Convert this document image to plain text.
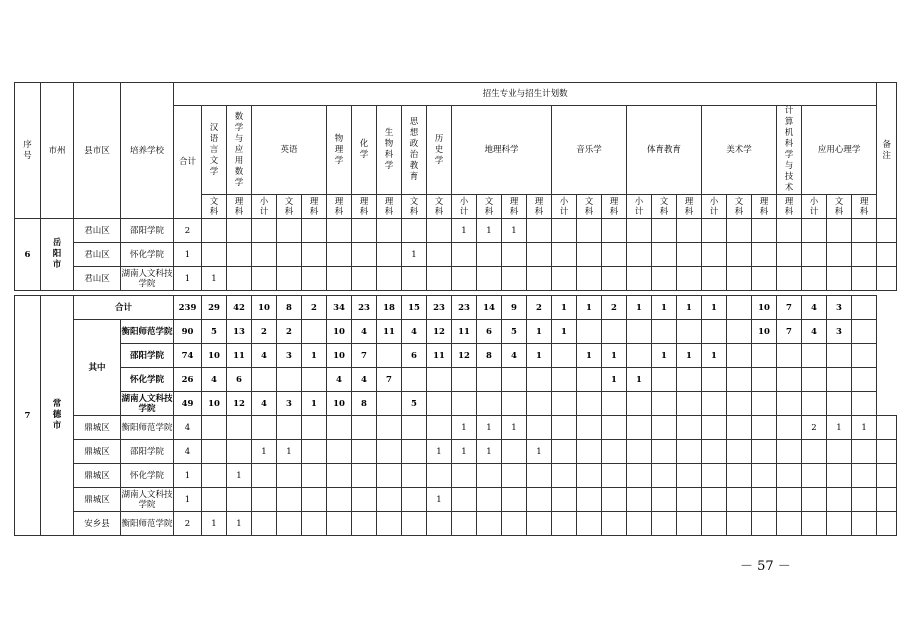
序号	市州	县市区	培养学校	招生专业与招生计划数																												备注
				合计	汉语言文学	数学与应用数学	英语			物理学	化学	生物科学	思想政治教育	历史学	地理科学				音乐学			体育教育			美术学			计算机科学与技术	应用心理学			
					文科	理科	小计	文科	理科	理科	理科	理科	文科	文科	小计	文科	理科	理科	小计	文科	理科	小计	文科	理科	小计	文科	理科	理科	小计	文科	理科	
6	岳阳市	君山区	邵阳学院	2											1	1	1															
		君山区	怀化学院	1									1																			
		君山区	湖南人文科技学院	1	1																											

7	常德市	合计		239	29	42	10	8	2	34	23	18	15	23	23	14	9	2	1	1	2	1	1	1	1		10	7	4	3		
		其中	衡阳师范学院	90	5	13	2	2		10	4	11	4	12	11	6	5	1	1								10	7	4	3		
			邵阳学院	74	10	11	4	3	1	10	7		6	11	12	8	4	1		1	1		1	1	1							
			怀化学院	26	4	6				4	4	7									1	1										
			湖南人文科技学院	49	10	12	4	3	1	10	8		5																			
		鼎城区	衡阳师范学院	4											1	1	1												2	1	1	
		鼎城区	邵阳学院	4			1	1						1	1	1		1														
		鼎城区	怀化学院	1		1																										
		鼎城区	湖南人文科技学院	1										1																		
		安乡县	衡阳师范学院	2	1	1																										
－ 57 －
